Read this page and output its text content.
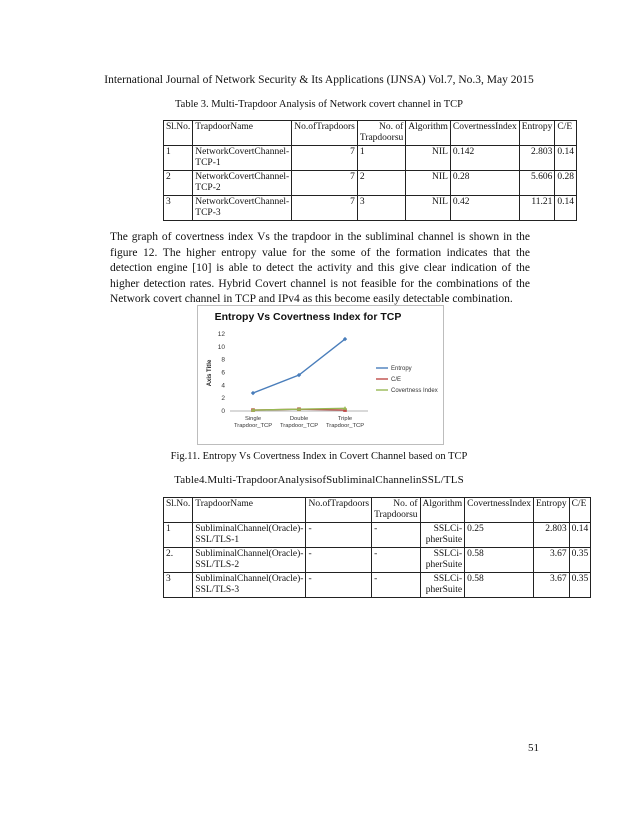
International Journal of Network Security & Its Applications (IJNSA) Vol.7, No.3, May 2015
Table 3. Multi-Trapdoor Analysis of Network covert channel in TCP
Sl.No.	TrapdoorName	No.ofTrapdoors	No. of Trapdoorsu	Algorithm	CovertnessIndex	Entropy	C/E
1	NetworkCovertChannel-TCP-1	7	1	NIL	0.142	2.803	0.14
2	NetworkCovertChannel-TCP-2	7	2	NIL	0.28	5.606	0.28
3	NetworkCovertChannel-TCP-3	7	3	NIL	0.42	11.21	0.14
The graph of covertness index Vs the trapdoor in the subliminal channel is shown in the figure 12. The higher entropy value for the some of the formation indicates that the detection engine [10] is able to detect the activity and this give clear indication of the higher detection rates. Hybrid Covert channel is not feasible for the combinations of the Network covert channel in TCP and IPv4 as this become easily detectable combination.
Entropy Vs Covertness Index for TCP
Axis Title
0
2
4
6
8
10
12
Single Trapdoor_TCP
Double Trapdoor_TCP
Triple Trapdoor_TCP
Entropy
C/E
Covertness Index
Fig.11. Entropy Vs Covertness Index in Covert Channel based on TCP
Table4.Multi-TrapdoorAnalysisofSubliminalChannelinSSL/TLS
Sl.No.	TrapdoorName	No.ofTrapdoors	No. of Trapdoorsu	Algorithm	CovertnessIndex	Entropy	C/E
1	SubliminalChannel(Oracle)-SSL/TLS-1	-	-	SSLCi-pherSuite	0.25	2.803	0.14
2.	SubliminalChannel(Oracle)-SSL/TLS-2	-	-	SSLCi-pherSuite	0.58	3.67	0.35
3	SubliminalChannel(Oracle)-SSL/TLS-3	-	-	SSLCi-pherSuite	0.58	3.67	0.35
51
